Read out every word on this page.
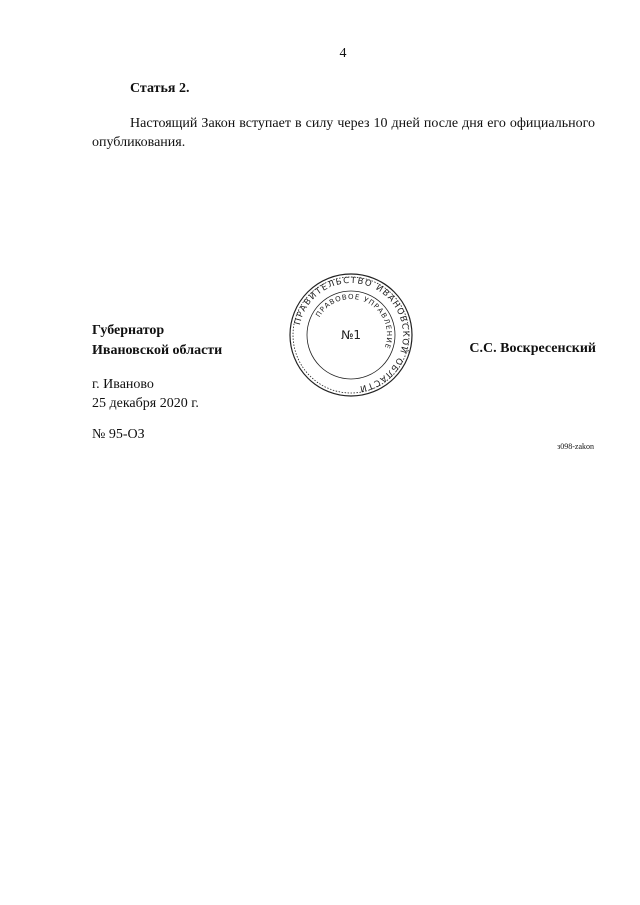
4
Статья 2.
Настоящий Закон вступает в силу через 10 дней после дня его официального опубликования.
Губернатор
Ивановской области
ПРАВИТЕЛЬСТВО ИВАНОВСКОЙ ОБЛАСТИ
ПРАВОВОЕ УПРАВЛЕНИЕ
№1
С.С. Воскресенский
г. Иваново
25 декабря 2020 г.
№ 95-ОЗ
з098-zakon
